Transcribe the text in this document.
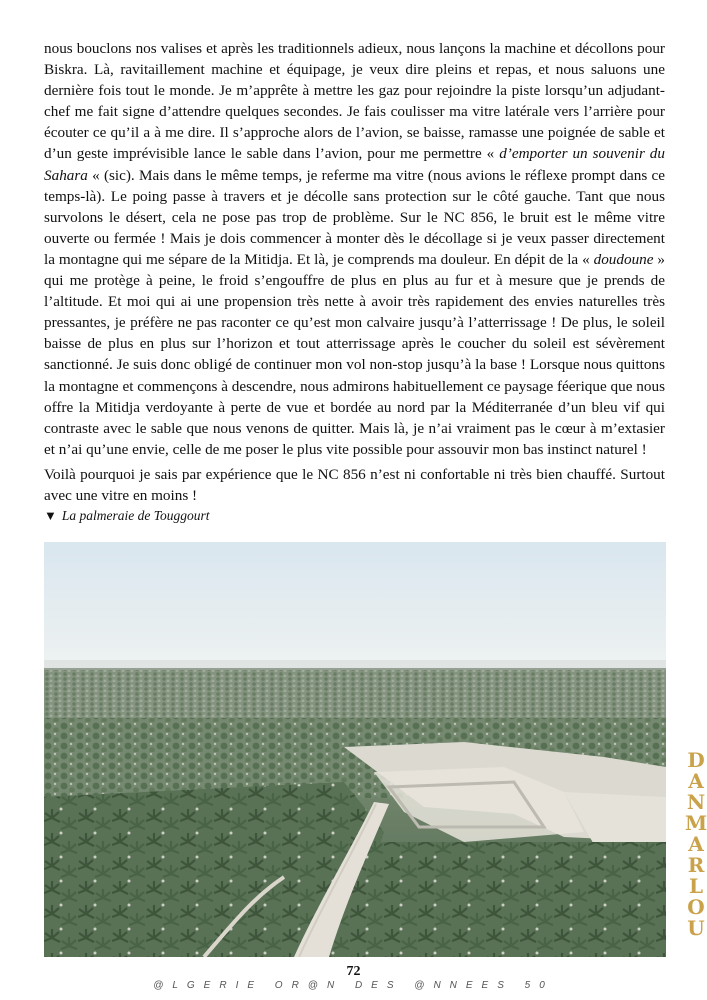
nous bouclons nos valises et après les traditionnels adieux, nous lançons la machine et décollons pour Biskra. Là, ravitaillement machine et équipage, je veux dire pleins et repas, et nous saluons une dernière fois tout le monde. Je m’apprête à mettre les gaz pour rejoindre la piste lorsqu’un adjudant-chef me fait signe d’attendre quelques secondes. Je fais coulisser ma vitre latérale vers l’arrière pour écouter ce qu’il a à me dire. Il s’approche alors de l’avion, se baisse, ramasse une poignée de sable et d’un geste imprévisible lance le sable dans l’avion, pour me permettre « d’emporter un souvenir du Sahara « (sic). Mais dans le même temps, je referme ma vitre (nous avions le réflexe prompt dans ce temps-là). Le poing passe à travers et je décolle sans protection sur le côté gauche. Tant que nous survolons le désert, cela ne pose pas trop de problème. Sur le NC 856, le bruit est le même vitre ouverte ou fermée ! Mais je dois commencer à monter dès le décollage si je veux passer directement la montagne qui me sépare de la Mitidja. Et là, je comprends ma douleur. En dépit de la « doudoune » qui me protège à peine, le froid s’engouffre de plus en plus au fur et à mesure que je prends de l’altitude. Et moi qui ai une propension très nette à avoir très rapidement des envies naturelles très pressantes, je préfère ne pas raconter ce qu’est mon calvaire jusqu’à l’atterrissage ! De plus, le soleil baisse de plus en plus sur l’horizon et tout atterrissage après le coucher du soleil est sévèrement sanctionné. Je suis donc obligé de continuer mon vol non-stop jusqu’à la base ! Lorsque nous quittons la montagne et commençons à descendre, nous admirons habituellement ce paysage féerique que nous offre la Mitidja verdoyante à perte de vue et bordée au nord par la Méditerranée d’un bleu vif qui contraste avec le sable que nous venons de quitter. Mais là, je n’ai vraiment pas le cœur à m’extasier et n’ai qu’une envie, celle de me poser le plus vite possible pour assouvir mon bas instinct naturel !

Voilà pourquoi je sais par expérience que le NC 856 n’est ni confortable ni très bien chauffé. Surtout avec une vitre en moins !

▼ La palmeraie de Touggourt
D
A
N
M
A
R
L
O
U
72
@LGERIE OR@N DES @NNEES 50
